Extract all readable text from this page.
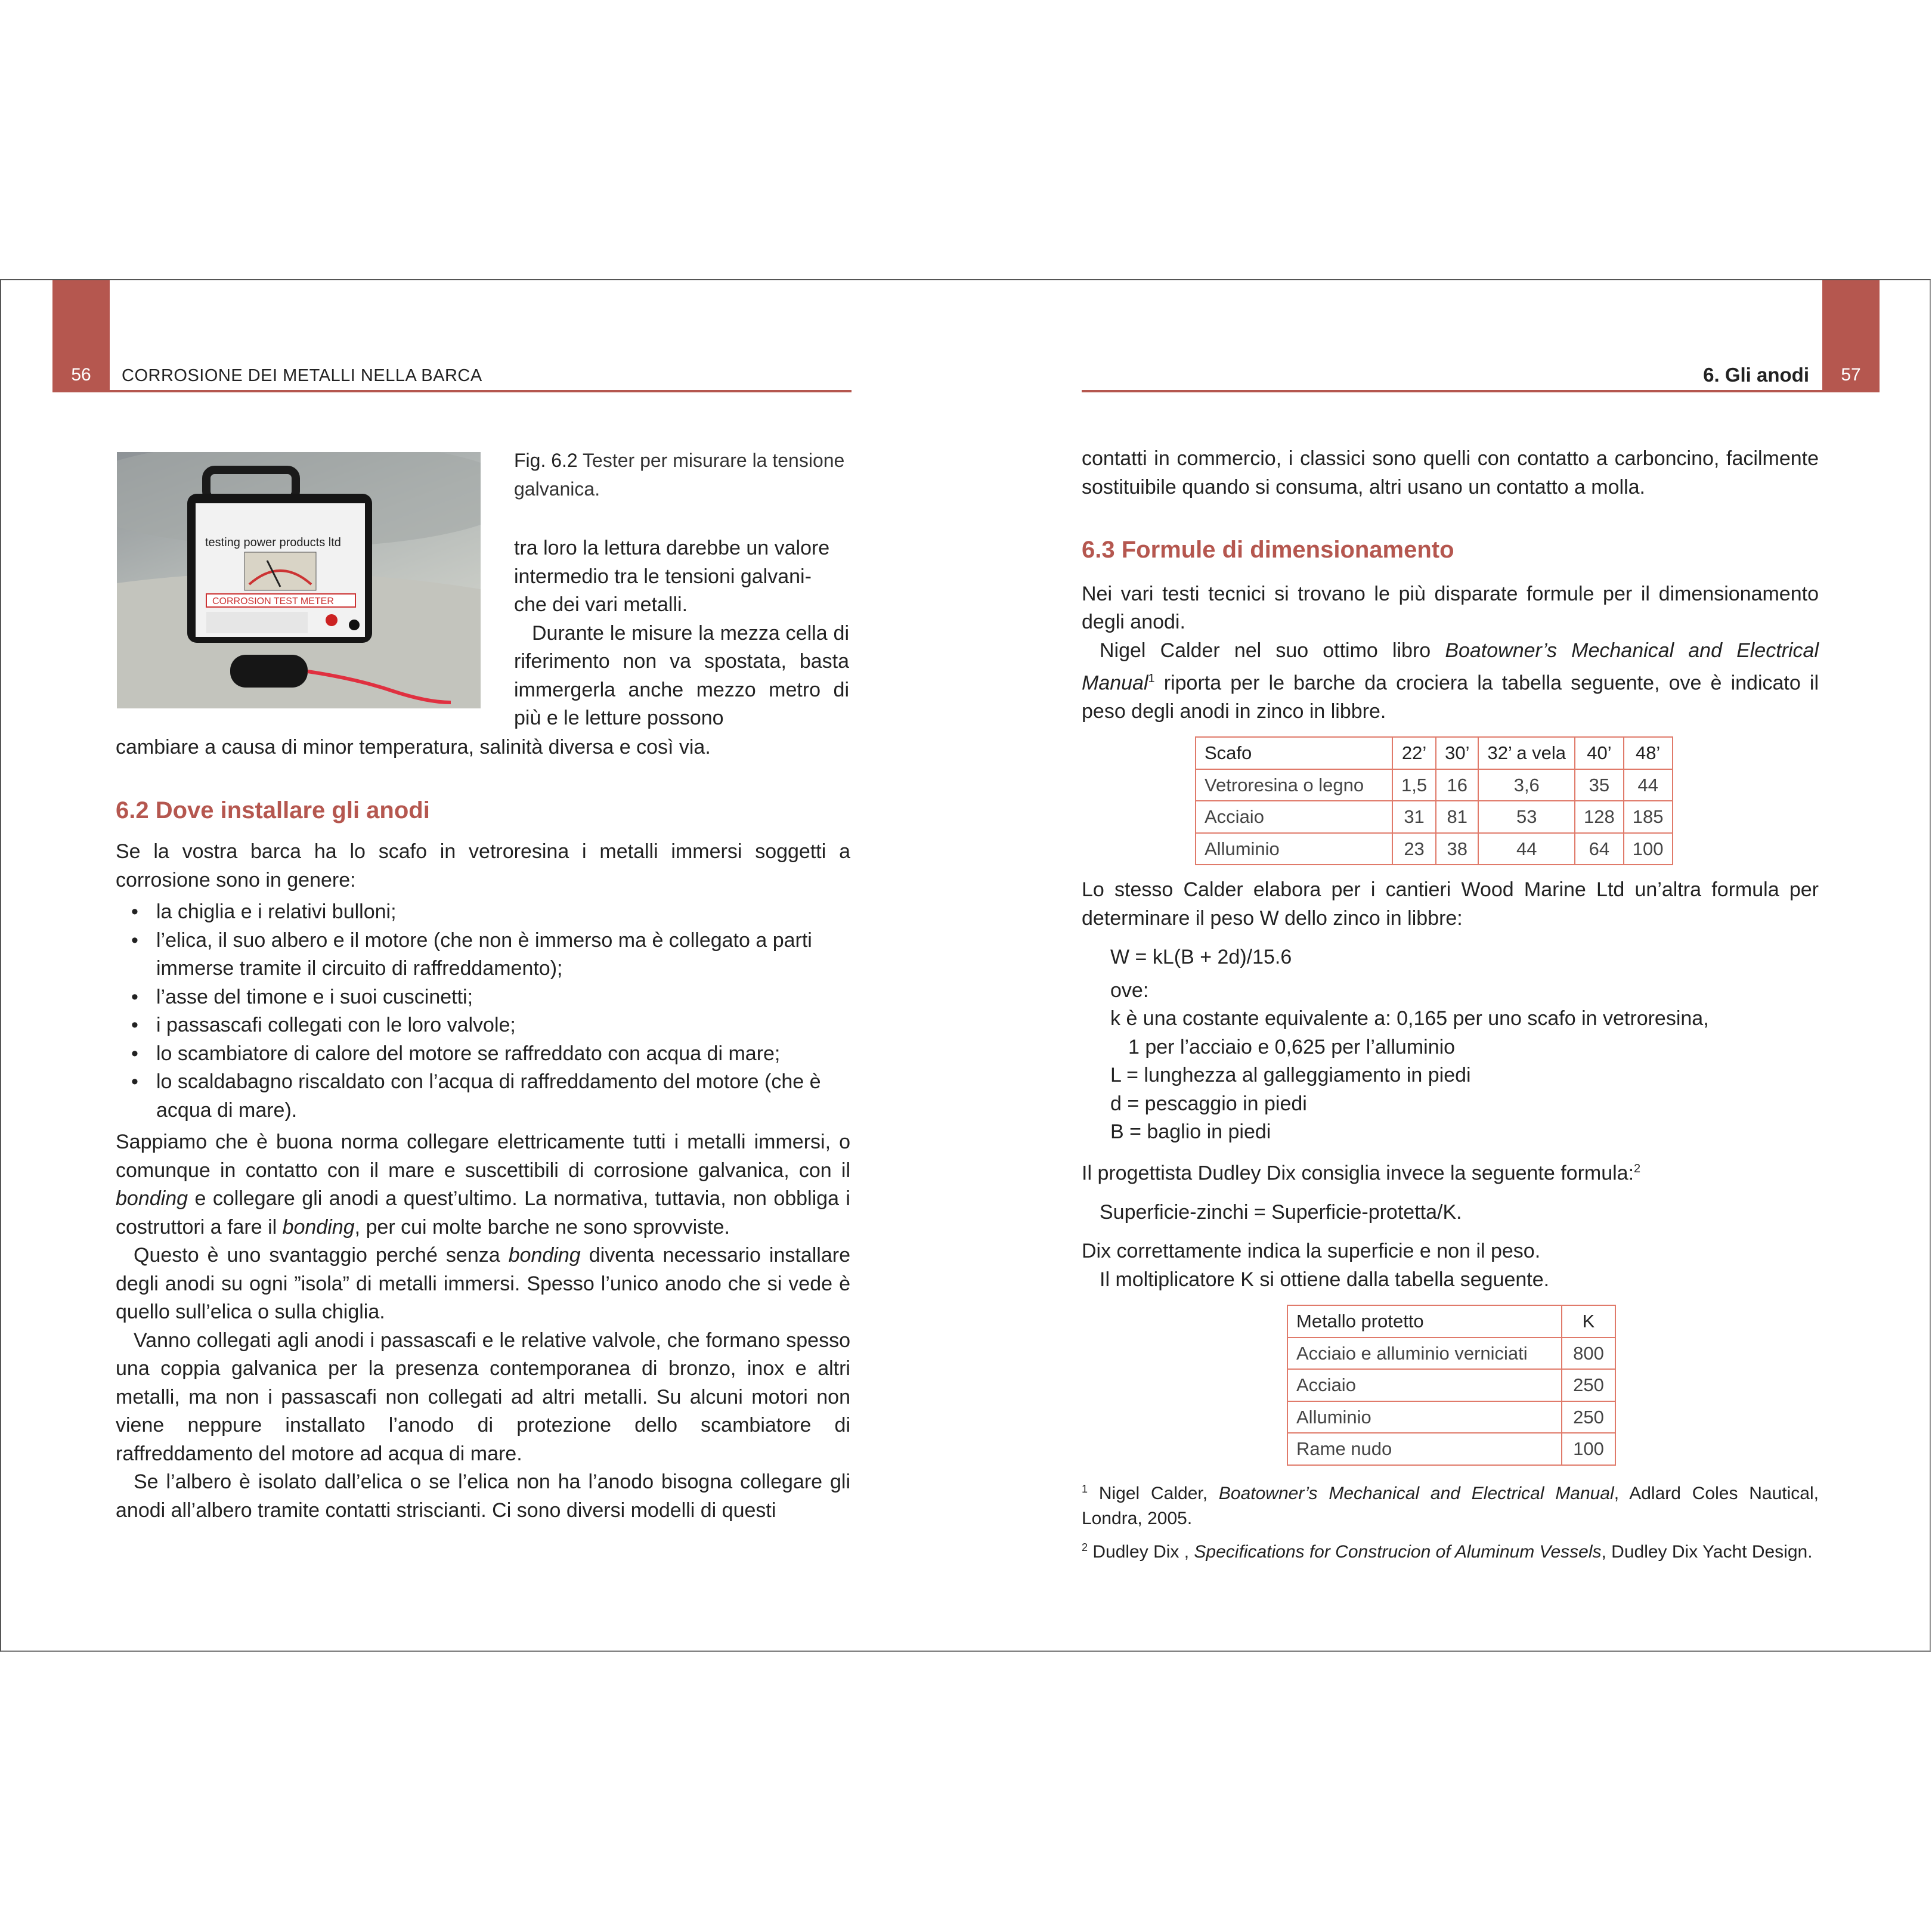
56	CORROSIONE DEI METALLI NELLA BARCA	57
6. Gli anodi
testing power products ltd
CORROSION TEST METER
Fig. 6.2 Tester per misurare la tensione galvanica.
tra loro la lettura darebbe un valore
intermedio tra le tensioni galvani-
che dei vari metalli.

Durante le misure la mezza cella di riferimento non va spostata, basta immergerla anche mezzo metro di più e le letture possono

cambiare a causa di minor temperatura, salinità diversa e così via.

6.2 Dove installare gli anodi

Se la vostra barca ha lo scafo in vetroresina i metalli immersi soggetti a corrosione sono in genere:

• la chiglia e i relativi bulloni;
• l’elica, il suo albero e il motore (che non è immerso ma è collegato a parti immerse tramite il circuito di raffreddamento);
• l’asse del timone e i suoi cuscinetti;
• i passascafi collegati con le loro valvole;
• lo scambiatore di calore del motore se raffreddato con acqua di mare;
• lo scaldabagno riscaldato con l’acqua di raffreddamento del motore (che è acqua di mare).

Sappiamo che è buona norma collegare elettricamente tutti i metalli immersi, o comunque in contatto con il mare e suscettibili di corrosione galvanica, con il bonding e collegare gli anodi a quest’ultimo. La normativa, tuttavia, non obbliga i costruttori a fare il bonding, per cui molte barche ne sono sprovviste.

Questo è uno svantaggio perché senza bonding diventa necessario installare degli anodi su ogni ”isola” di metalli immersi. Spesso l’unico anodo che si vede è quello sull’elica o sulla chiglia.

Vanno collegati agli anodi i passascafi e le relative valvole, che formano spesso una coppia galvanica per la presenza contemporanea di bronzo, inox e altri metalli, ma non i passascafi non collegati ad altri metalli. Su alcuni motori non viene neppure installato l’anodo di protezione dello scambiatore di raffreddamento del motore ad acqua di mare.

Se l’albero è isolato dall’elica o se l’elica non ha l’anodo bisogna collegare gli anodi all’albero tramite contatti striscianti. Ci sono diversi modelli di questi

contatti in commercio, i classici sono quelli con contatto a carboncino, facilmente sostituibile quando si consuma, altri usano un contatto a molla.

6.3 Formule di dimensionamento

Nei vari testi tecnici si trovano le più disparate formule per il dimensionamento degli anodi.

Nigel Calder nel suo ottimo libro Boatowner’s Mechanical and Electrical Manual$^1$ riporta per le barche da crociera la tabella seguente, ove è indicato il peso degli anodi in zinco in libbre.

Scafo	22’	30’	32’ a vela	40’	48’
Vetroresina o legno	1,5	16	3,6	35	44
Acciaio	31	81	53	128	185
Alluminio	23	38	44	64	100

Lo stesso Calder elabora per i cantieri Wood Marine Ltd un’altra formula per determinare il peso W dello zinco in libbre:

W = kL(B + 2d)/15.6
ove:
k è una costante equivalente a: 0,165 per uno scafo in vetroresina,
1 per l’acciaio e 0,625 per l’alluminio
L = lunghezza al galleggiamento in piedi
d = pescaggio in piedi
B = baglio in piedi

Il progettista Dudley Dix consiglia invece la seguente formula:$^2$

Superficie-zinchi = Superficie-protetta/K.

Dix correttamente indica la superficie e non il peso.

Il moltiplicatore K si ottiene dalla tabella seguente.

Metallo protetto	K
Acciaio e alluminio verniciati	800
Acciaio	250
Alluminio	250
Rame nudo	100

$^1$ Nigel Calder, Boatowner’s Mechanical and Electrical Manual, Adlard Coles Nautical, Londra, 2005.

$^2$ Dudley Dix , Specifications for Construcion of Aluminum Vessels, Dudley Dix Yacht Design.
